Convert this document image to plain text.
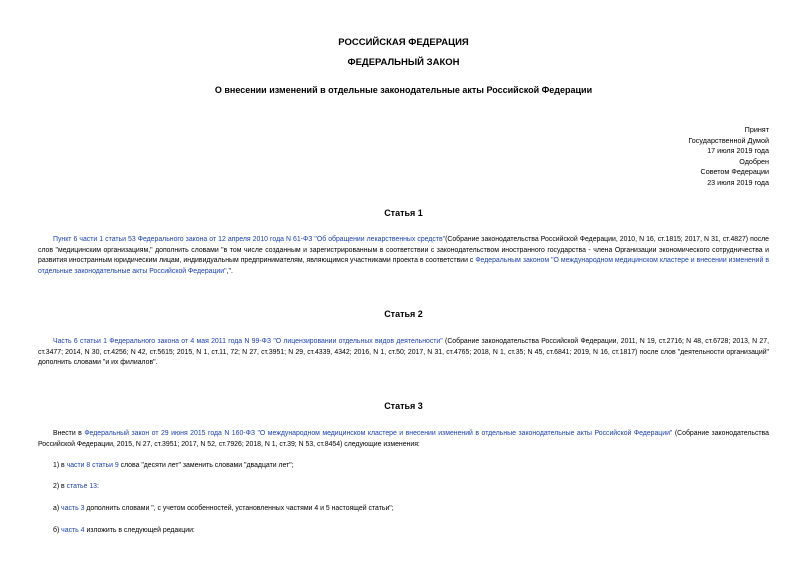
РОССИЙСКАЯ ФЕДЕРАЦИЯ
ФЕДЕРАЛЬНЫЙ ЗАКОН
О внесении изменений в отдельные законодательные акты Российской Федерации
Принят
Государственной Думой
17 июля 2019 года
Одобрен
Советом Федерации
23 июля 2019 года
Статья 1
Пункт 6 части 1 статьи 53 Федерального закона от 12 апреля 2010 года N 61-ФЗ "Об обращении лекарственных средств"(Собрание законодательства Российской Федерации, 2010, N 16, ст.1815; 2017, N 31, ст.4827) после слов "медицинским организациям," дополнить словами "в том числе созданным и зарегистрированным в соответствии с законодательством иностранного государства - члена Организации экономического сотрудничества и развития иностранным юридическим лицам, индивидуальным предпринимателям, являющимся участниками проекта в соответствии с Федеральным законом "О международном медицинском кластере и внесении изменений в отдельные законодательные акты Российской Федерации",".
Статья 2
Часть 6 статьи 1 Федерального закона от 4 мая 2011 года N 99-ФЗ "О лицензировании отдельных видов деятельности" (Собрание законодательства Российской Федерации, 2011, N 19, ст.2716; N 48, ст.6728; 2013, N 27, ст.3477; 2014, N 30, ст.4256; N 42, ст.5615; 2015, N 1, ст.11, 72; N 27, ст.3951; N 29, ст.4339, 4342; 2016, N 1, ст.50; 2017, N 31, ст.4765; 2018, N 1, ст.35; N 45, ст.6841; 2019, N 16, ст.1817) после слов "деятельности организаций" дополнить словами "и их филиалов".
Статья 3
Внести в Федеральный закон от 29 июня 2015 года N 160-ФЗ "О международном медицинском кластере и внесении изменений в отдельные законодательные акты Российской Федерации" (Собрание законодательства Российской Федерации, 2015, N 27, ст.3951; 2017, N 52, ст.7926; 2018, N 1, ст.39; N 53, ст.8454) следующие изменения:
1) в части 8 статьи 9 слова "десяти лет" заменить словами "двадцати лет";
2) в статье 13:
а) часть 3 дополнить словами ", с учетом особенностей, установленных частями 4 и 5 настоящей статьи";
б) часть 4 изложить в следующей редакции:
